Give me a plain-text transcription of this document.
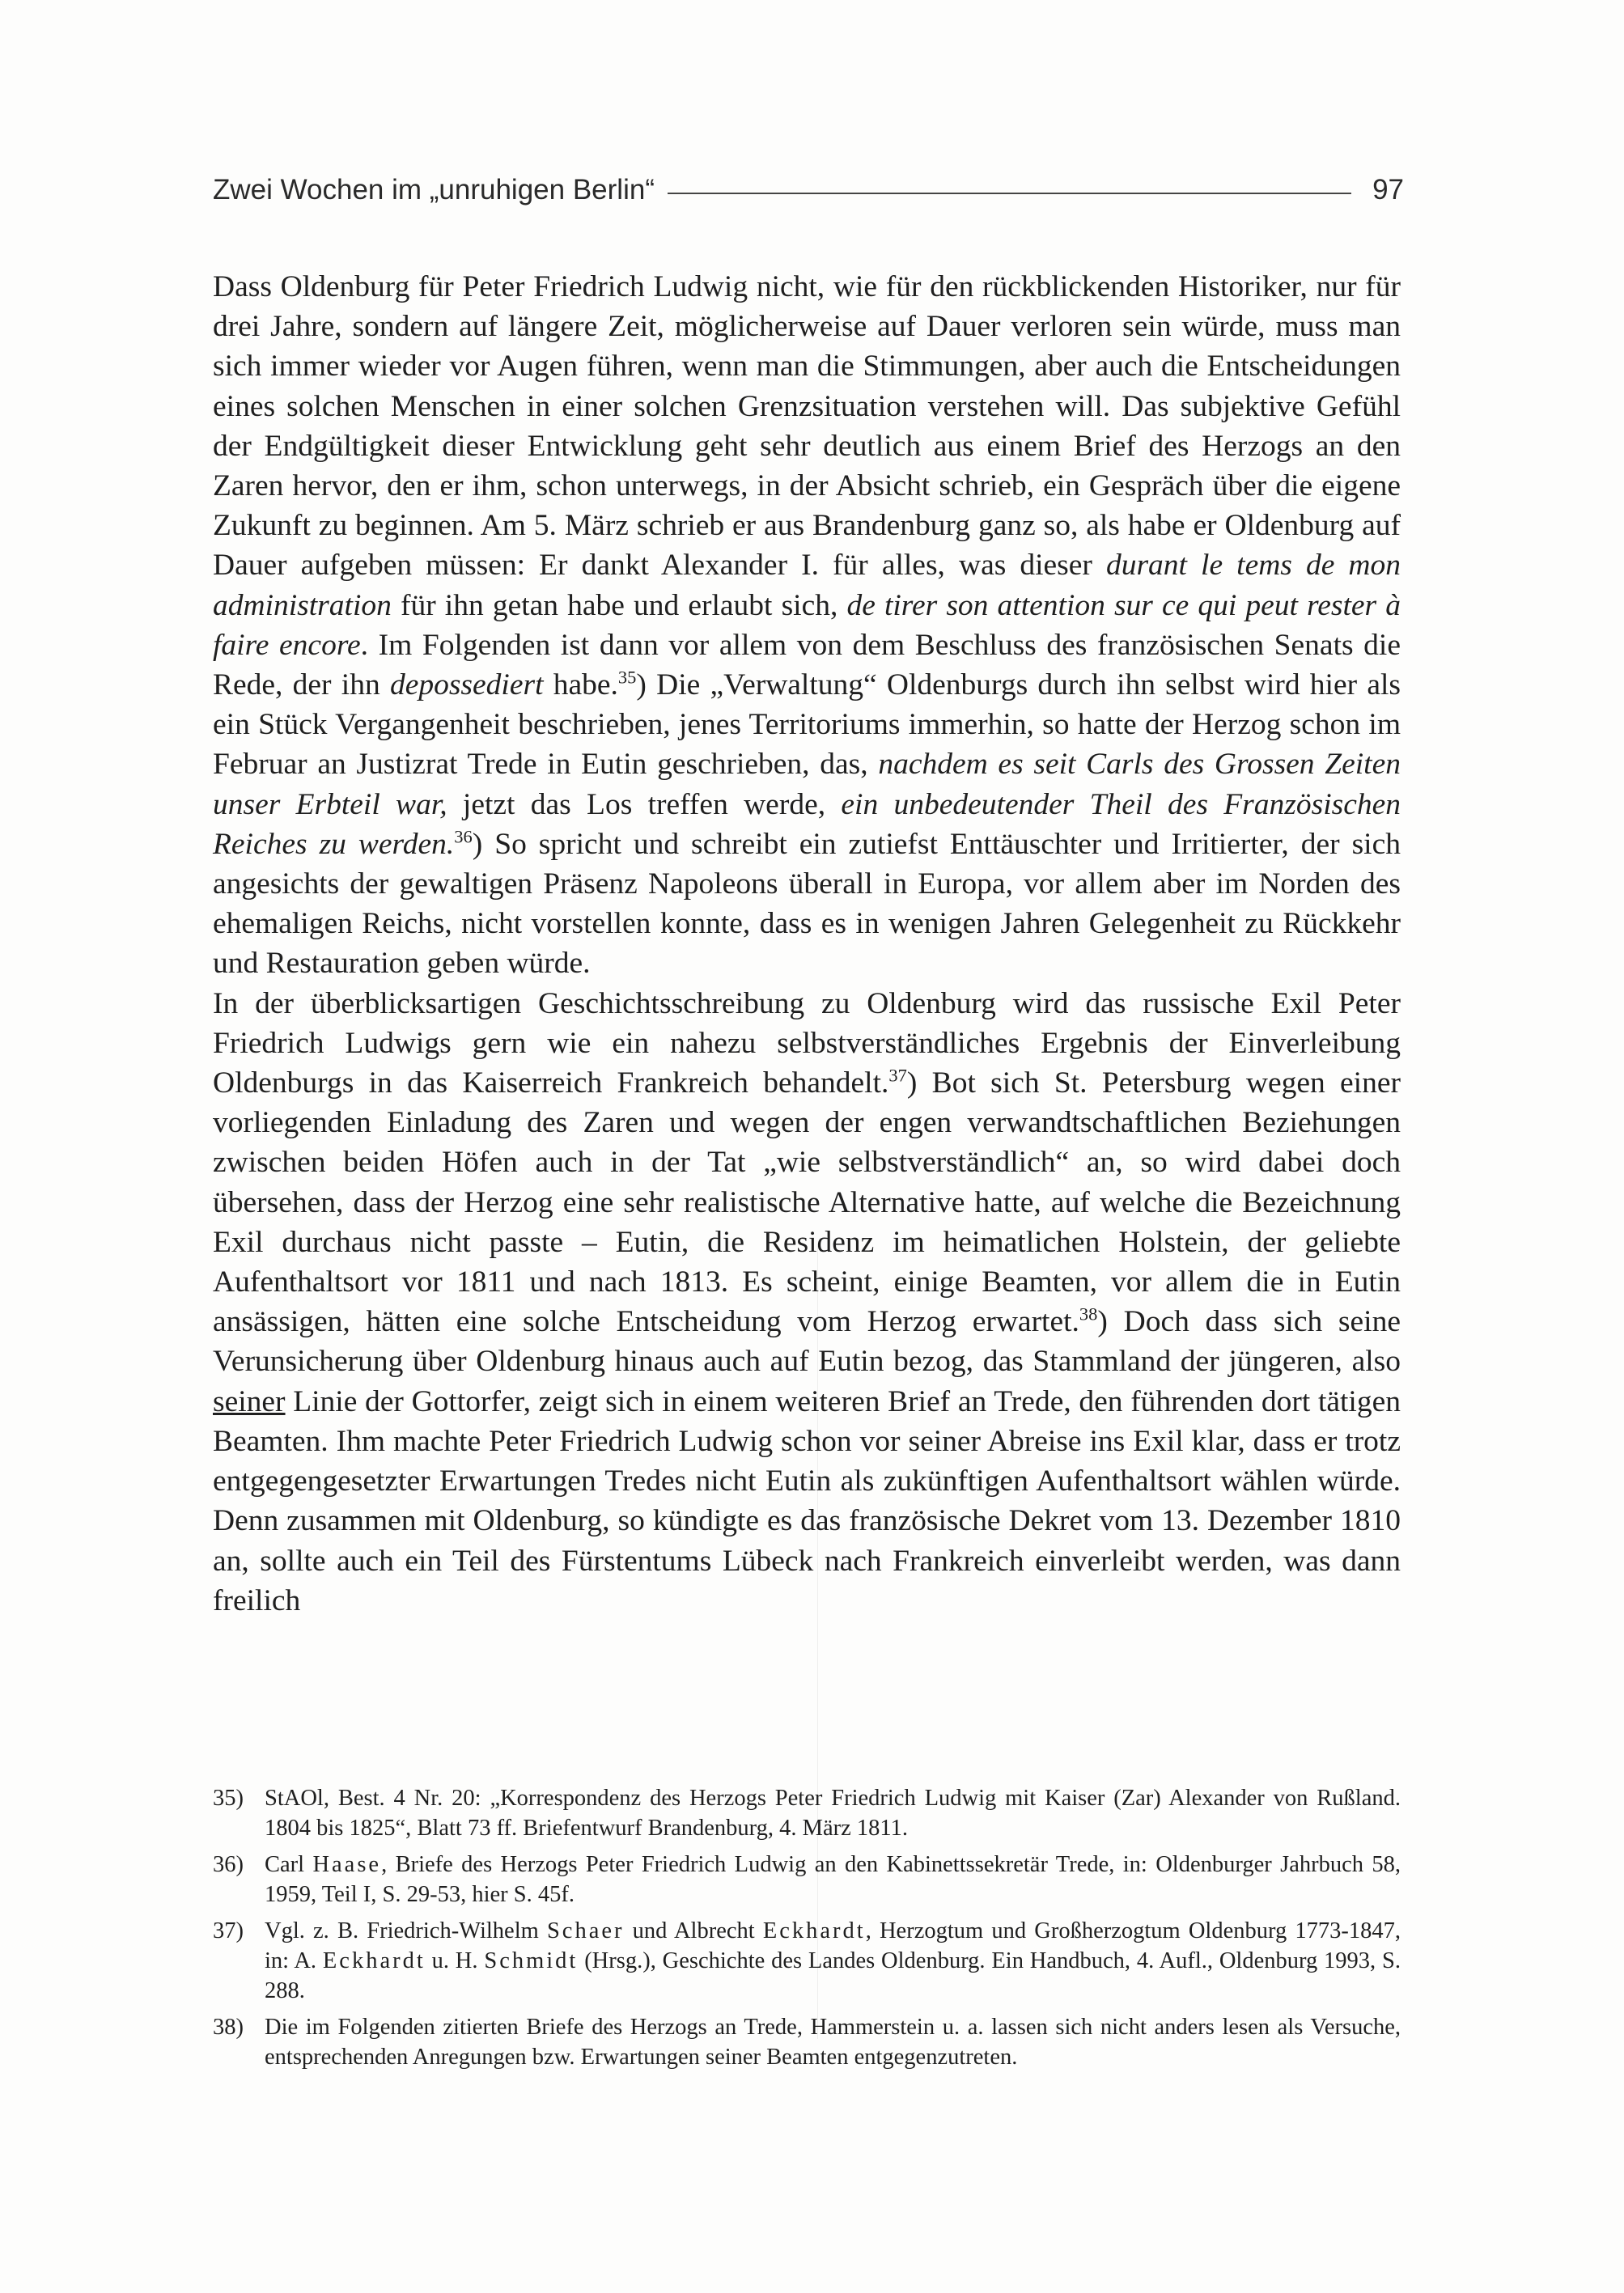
Zwei Wochen im „unruhigen Berlin“	97

Dass Oldenburg für Peter Friedrich Ludwig nicht, wie für den rückblickenden Historiker, nur für drei Jahre, sondern auf längere Zeit, möglicherweise auf Dauer verloren sein würde, muss man sich immer wieder vor Augen führen, wenn man die Stimmungen, aber auch die Entscheidungen eines solchen Menschen in einer solchen Grenzsituation verstehen will. Das subjektive Gefühl der Endgültigkeit dieser Entwicklung geht sehr deutlich aus einem Brief des Herzogs an den Zaren hervor, den er ihm, schon unterwegs, in der Absicht schrieb, ein Gespräch über die eigene Zukunft zu beginnen. Am 5. März schrieb er aus Brandenburg ganz so, als habe er Oldenburg auf Dauer aufgeben müssen: Er dankt Alexander I. für alles, was dieser durant le tems de mon administration für ihn getan habe und erlaubt sich, de tirer son attention sur ce qui peut rester à faire encore. Im Folgenden ist dann vor allem von dem Beschluss des französischen Senats die Rede, der ihn depossediert habe.$^{35}$) Die „Verwaltung“ Oldenburgs durch ihn selbst wird hier als ein Stück Vergangenheit beschrieben, jenes Territoriums immerhin, so hatte der Herzog schon im Februar an Justizrat Trede in Eutin geschrieben, das, nachdem es seit Carls des Grossen Zeiten unser Erbteil war, jetzt das Los treffen werde, ein unbedeutender Theil des Französischen Reiches zu werden.$^{36}$) So spricht und schreibt ein zutiefst Enttäuschter und Irritierter, der sich angesichts der gewaltigen Präsenz Napoleons überall in Europa, vor allem aber im Norden des ehemaligen Reichs, nicht vorstellen konnte, dass es in wenigen Jahren Gelegenheit zu Rückkehr und Restauration geben würde.

In der überblicksartigen Geschichtsschreibung zu Oldenburg wird das russische Exil Peter Friedrich Ludwigs gern wie ein nahezu selbstverständliches Ergebnis der Einverleibung Oldenburgs in das Kaiserreich Frankreich behandelt.$^{37}$) Bot sich St. Petersburg wegen einer vorliegenden Einladung des Zaren und wegen der engen verwandtschaftlichen Beziehungen zwischen beiden Höfen auch in der Tat „wie selbstverständlich“ an, so wird dabei doch übersehen, dass der Herzog eine sehr realistische Alternative hatte, auf welche die Bezeichnung Exil durchaus nicht passte – Eutin, die Residenz im heimatlichen Holstein, der geliebte Aufenthaltsort vor 1811 und nach 1813. Es scheint, einige Beamten, vor allem die in Eutin ansässigen, hätten eine solche Entscheidung vom Herzog erwartet.$^{38}$) Doch dass sich seine Verunsicherung über Oldenburg hinaus auch auf Eutin bezog, das Stammland der jüngeren, also seiner Linie der Gottorfer, zeigt sich in einem weiteren Brief an Trede, den führenden dort tätigen Beamten. Ihm machte Peter Friedrich Ludwig schon vor seiner Abreise ins Exil klar, dass er trotz entgegengesetzter Erwartungen Tredes nicht Eutin als zukünftigen Aufenthaltsort wählen würde. Denn zusammen mit Oldenburg, so kündigte es das französische Dekret vom 13. Dezember 1810 an, sollte auch ein Teil des Fürstentums Lübeck nach Frankreich einverleibt werden, was dann freilich

35) StAOl, Best. 4 Nr. 20: „Korrespondenz des Herzogs Peter Friedrich Ludwig mit Kaiser (Zar) Alexander von Rußland. 1804 bis 1825“, Blatt 73 ff. Briefentwurf Brandenburg, 4. März 1811.
36) Carl Haase, Briefe des Herzogs Peter Friedrich Ludwig an den Kabinettssekretär Trede, in: Oldenburger Jahrbuch 58, 1959, Teil I, S. 29-53, hier S. 45f.
37) Vgl. z. B. Friedrich-Wilhelm Schaer und Albrecht Eckhardt, Herzogtum und Großherzogtum Oldenburg 1773-1847, in: A. Eckhardt u. H. Schmidt (Hrsg.), Geschichte des Landes Oldenburg. Ein Handbuch, 4. Aufl., Oldenburg 1993, S. 288.
38) Die im Folgenden zitierten Briefe des Herzogs an Trede, Hammerstein u. a. lassen sich nicht anders lesen als Versuche, entsprechenden Anregungen bzw. Erwartungen seiner Beamten entgegenzutreten.
